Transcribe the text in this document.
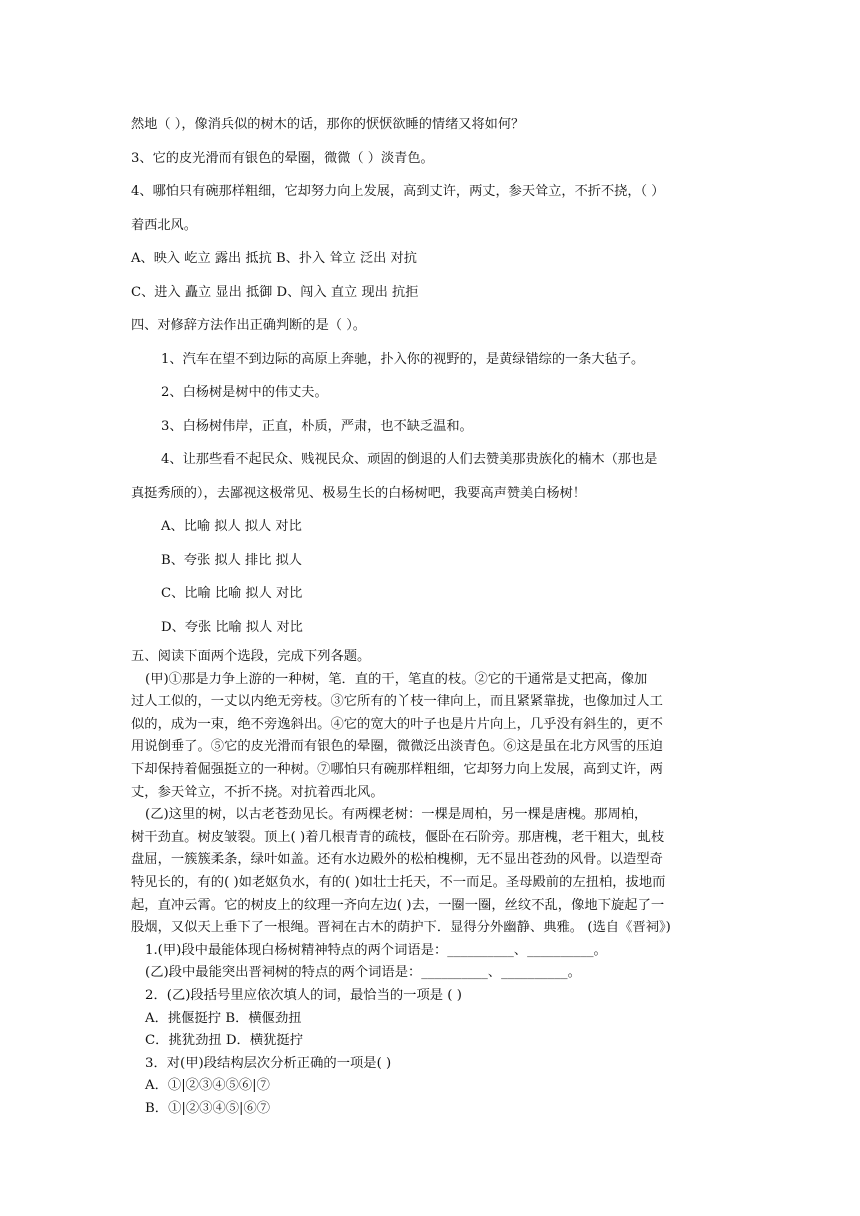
然地（ ），像消兵似的树木的话，那你的恹恹欲睡的情绪又将如何？
3、它的皮光滑而有银色的晕圈，微微（ ）淡青色。
4、哪怕只有碗那样粗细，它却努力向上发展，高到丈许，两丈，参天耸立，不折不挠，（ ）
着西北风。
A、映入 屹立 露出 抵抗 B、扑入 耸立 泛出 对抗
C、进入 矗立 显出 抵御 D、闯入 直立 现出 抗拒
四、对修辞方法作出正确判断的是（ ）。
1、汽车在望不到边际的高原上奔驰，扑入你的视野的，是黄绿错综的一条大毡子。
2、白杨树是树中的伟丈夫。
3、白杨树伟岸，正直，朴质，严肃，也不缺乏温和。
4、让那些看不起民众、贱视民众、顽固的倒退的人们去赞美那贵族化的楠木（那也是
真挺秀颀的），去鄙视这极常见、极易生长的白杨树吧，我要高声赞美白杨树！
A、比喻 拟人 拟人 对比
B、夸张 拟人 排比 拟人
C、比喻 比喻 拟人 对比
D、夸张 比喻 拟人 对比
五、阅读下面两个选段，完成下列各题。
(甲)①那是力争上游的一种树，笔．直的干，笔直的枝。②它的干通常是丈把高，像加
过人工似的，一丈以内绝无旁枝。③它所有的丫枝一律向上，而且紧紧靠拢，也像加过人工
似的，成为一束，绝不旁逸斜出。④它的宽大的叶子也是片片向上，几乎没有斜生的，更不
用说倒垂了。⑤它的皮光滑而有银色的晕圈，微微泛出淡青色。⑥这是虽在北方风雪的压迫
下却保持着倔强挺立的一种树。⑦哪怕只有碗那样粗细，它却努力向上发展，高到丈许，两
丈，参天耸立，不折不挠。对抗着西北风。
(乙)这里的树，以古老苍劲见长。有两棵老树：一棵是周柏，另一棵是唐槐。那周柏，
树干劲直。树皮皱裂。顶上( )着几根青青的疏枝，偃卧在石阶旁。那唐槐，老干粗大，虬枝
盘屈，一簇簇柔条，绿叶如盖。还有水边殿外的松柏槐柳，无不显出苍劲的风骨。以造型奇
特见长的，有的( )如老妪负水，有的( )如壮士托天，不一而足。圣母殿前的左扭柏，拔地而
起，直冲云霄。它的树皮上的纹理一齐向左边( )去，一圈一圈，丝纹不乱，像地下旋起了一
股烟，又似天上垂下了一根绳。晋祠在古木的荫护下．显得分外幽静、典雅。 (选自《晋祠》)
1.(甲)段中最能体现白杨树精神特点的两个词语是：__________、__________。
(乙)段中最能突出晋祠树的特点的两个词语是：__________、__________。
2．(乙)段括号里应依次填人的词，最恰当的一项是 ( )
A．挑偃挺拧 B．横偃劲扭
C．挑犹劲扭 D．横犹挺拧
3．对(甲)段结构层次分析正确的一项是( )
A．①|②③④⑤⑥|⑦
B．①|②③④⑤|⑥⑦
